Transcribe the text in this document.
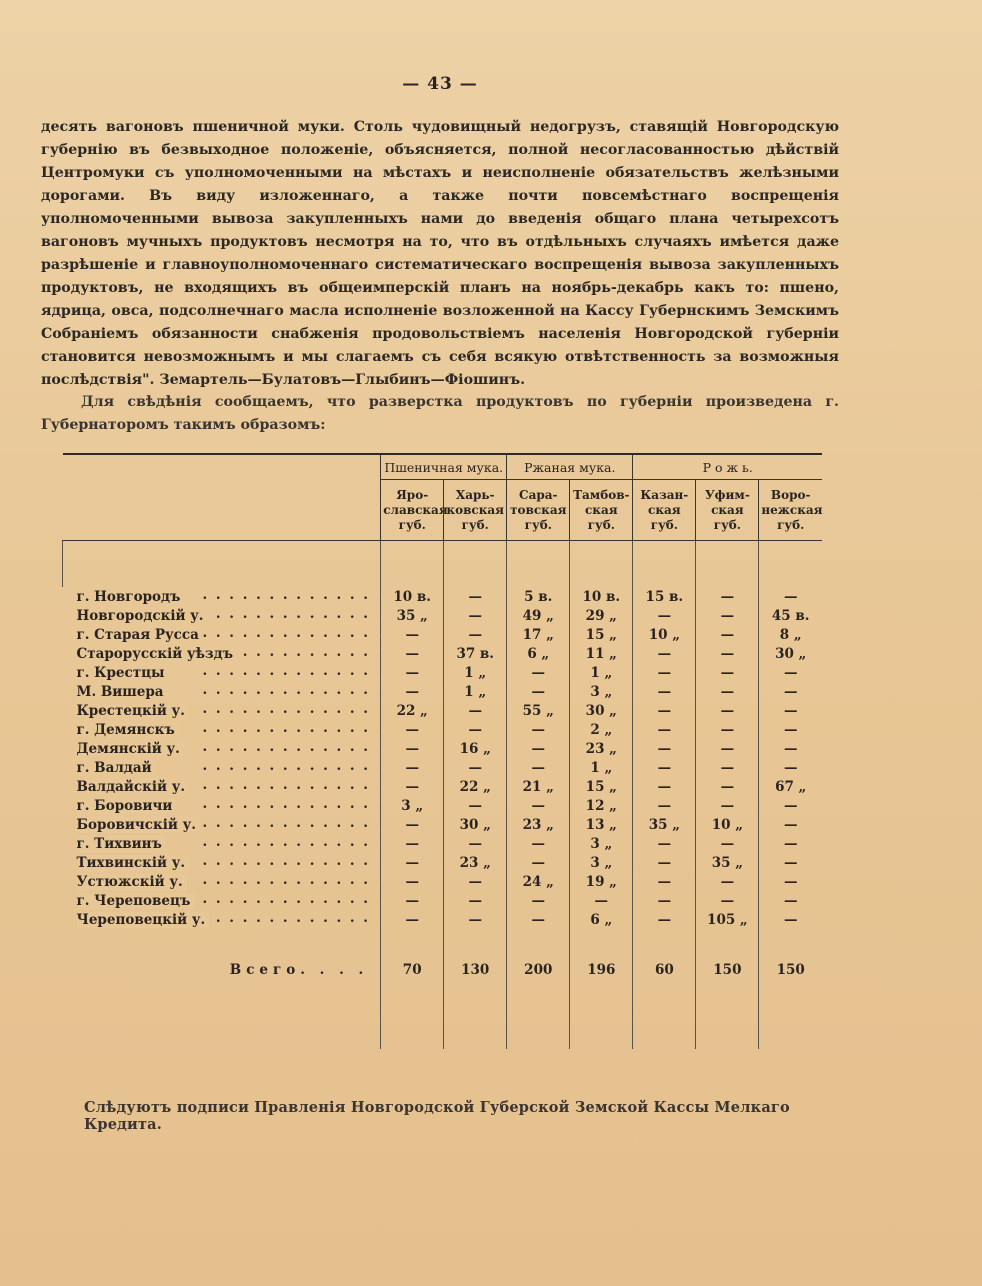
— 43 —

десять вагоновъ пшеничной муки. Столь чудовищный недогрузъ, ставящій Новгородскую губернію въ безвыходное положеніе, объясняется, полной несогласованностью дѣйствій Центромуки съ уполномоченными на мѣстахъ и неисполненіе обязательствъ желѣзными дорогами. Въ виду изложеннаго, а также почти повсемѣстнаго воспрещенія уполномоченными вывоза закупленныхъ нами до введенія общаго плана четырехсотъ вагоновъ мучныхъ продуктовъ несмотря на то, что въ отдѣльныхъ случаяхъ имѣется даже разрѣшеніе и главноуполномоченнаго систематическаго воспрещенія вывоза закупленныхъ продуктовъ, не входящихъ въ общеимперскій планъ на ноябрь-декабрь какъ то: пшено, ядрица, овса, подсолнечнаго масла исполненіе возложенной на Кассу Губернскимъ Земскимъ Собраніемъ обязанности снабженія продовольствіемъ населенія Новгородской губерніи становится невозможнымъ и мы слагаемъ съ себя всякую отвѣтственность за возможныя послѣдствія". Земартель—Булатовъ—Глыбинъ—Фіошинъ.

Для свѣдѣнія сообщаемъ, что разверстка продуктовъ по губерніи произведена г. Губернаторомъ такимъ образомъ:

	Пшеничная мука.		Ржаная мука.		Р о ж ь.		
	Яро-славская губ.	Харь-ковская губ.	Сара-товская губ.	Тамбов-ская губ.	Казан-ская губ.	Уфим-ская губ.	Воро-нежская губ.

г. Новгородъ . . .	10 в.	—	5 в.	10 в.	15 в.	—	—
Новгородскій у. . . .	35 „	—	49 „	29 „	—	—	45 в.
г. Старая Русса . . .	—	—	17 „	15 „	10 „	—	8 „
Старорусскій уѣздъ . . .	—	37 в.	6 „	11 „	—	—	30 „
г. Крестцы . . .	—	1 „	—	1 „	—	—	—
М. Вишера . . .	—	1 „	—	3 „	—	—	—
Крестецкій у. . . .	22 „	—	55 „	30 „	—	—	—
г. Демянскъ . . .	—	—	—	2 „	—	—	—
Демянскій у. . . .	—	16 „	—	23 „	—	—	—
г. Валдай . . .	—	—	—	1 „	—	—	—
Валдайскій у. . . .	—	22 „	21 „	15 „	—	—	67 „
г. Боровичи . . .	3 „	—	—	12 „	—	—	—
Боровичскій у. . . .	—	30 „	23 „	13 „	35 „	10 „	—
г. Тихвинъ . . .	—	—	—	3 „	—	—	—
Тихвинскій у. . . .	—	23 „	—	3 „	—	35 „	—
Устюжскій у. . . .	—	—	24 „	19 „	—	—	—
г. Череповецъ . . .	—	—	—	—	—	—	—
Череповецкій у. . . .	—	—	—	6 „	—	105 „	—

Всего. . . .	70	130	200	196	60	150	150

Слѣдуютъ подписи Правленія Новгородской Губерской Земской Кассы Мелкаго Кредита.
